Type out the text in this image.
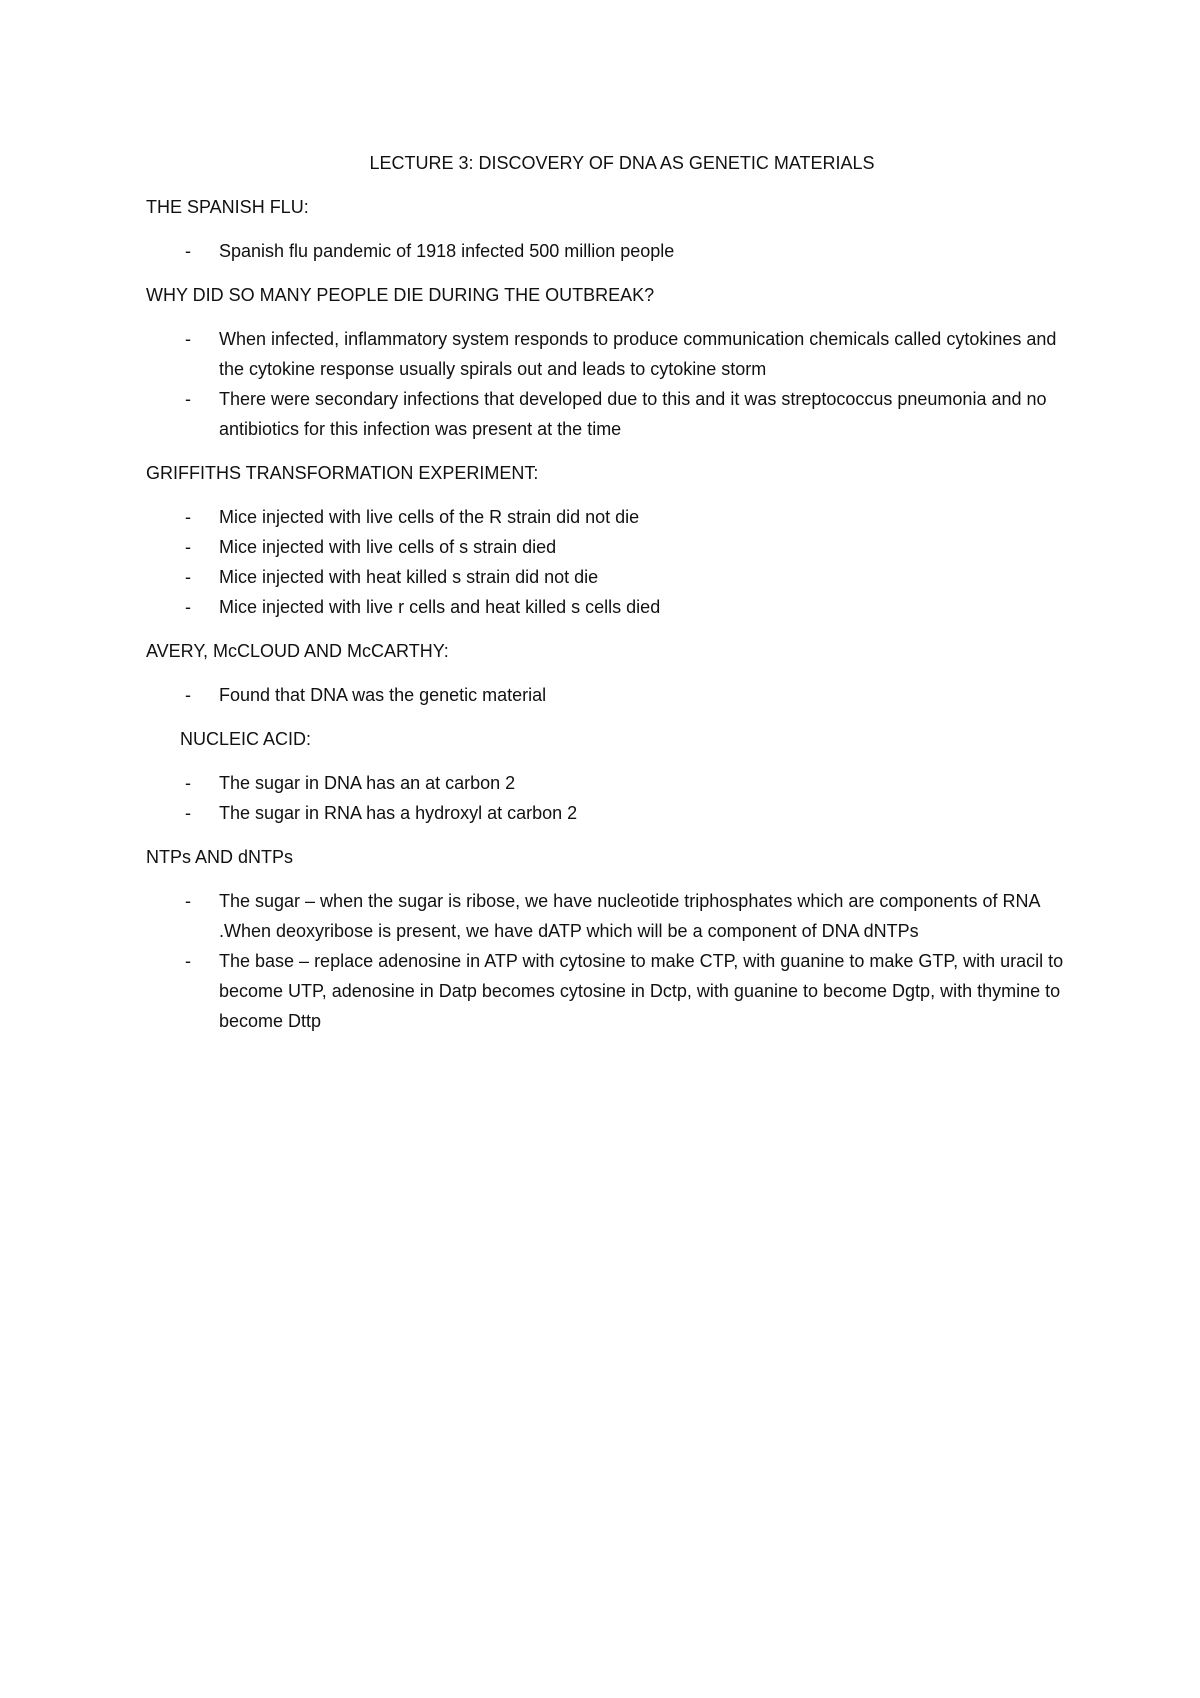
LECTURE 3: DISCOVERY OF DNA AS GENETIC MATERIALS
THE SPANISH FLU:
- Spanish flu pandemic of 1918 infected 500 million people
WHY DID SO MANY PEOPLE DIE DURING THE OUTBREAK?
- When infected, inflammatory system responds to produce communication chemicals called cytokines and the cytokine response usually spirals out and leads to cytokine storm
- There were secondary infections that developed due to this and it was streptococcus pneumonia and no antibiotics for this infection was present at the time
GRIFFITHS TRANSFORMATION EXPERIMENT:
- Mice injected with live cells of the R strain did not die
- Mice injected with live cells of s strain died
- Mice injected with heat killed s strain did not die
- Mice injected with live r cells and heat killed s cells died
AVERY, McCLOUD AND McCARTHY:
- Found that DNA was the genetic material
NUCLEIC ACID:
- The sugar in DNA has an at carbon 2
- The sugar in RNA has a hydroxyl at carbon 2
NTPs AND dNTPs
- The sugar – when the sugar is ribose, we have nucleotide triphosphates which are components of RNA .When deoxyribose is present, we have dATP which will be a component of DNA dNTPs
- The base – replace adenosine in ATP with cytosine to make CTP, with guanine to make GTP, with uracil to become UTP, adenosine in Datp becomes cytosine in Dctp, with guanine to become Dgtp, with thymine to become Dttp
